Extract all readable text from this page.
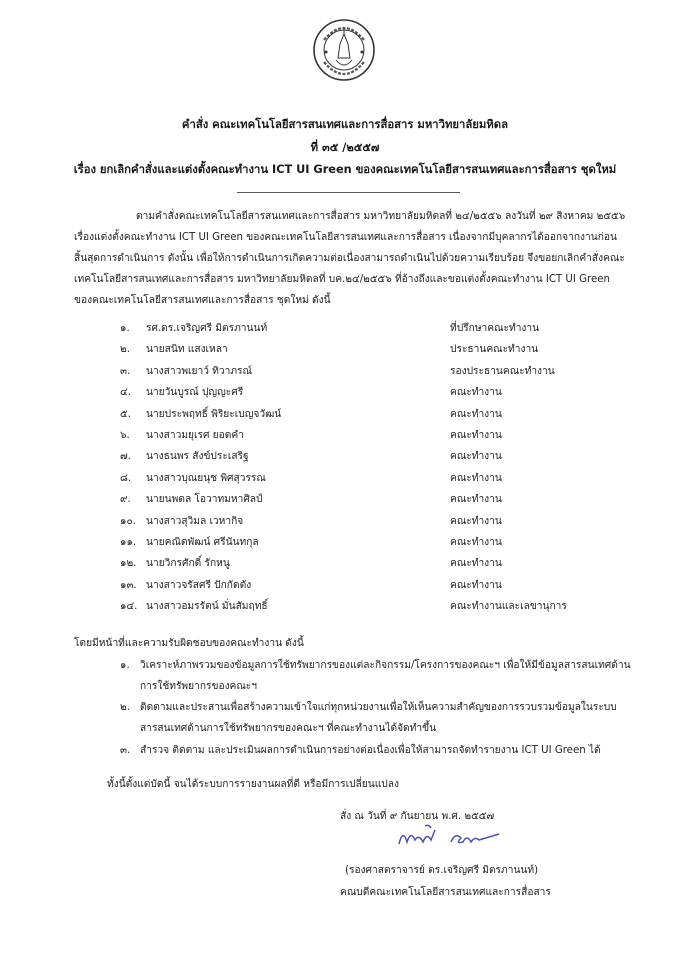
คำสั่ง คณะเทคโนโลยีสารสนเทศและการสื่อสาร มหาวิทยาลัยมหิดล
ที่ ๓๕ /๒๕๕๗
เรื่อง ยกเลิกคำสั่งและแต่งตั้งคณะทำงาน ICT UI Green ของคณะเทคโนโลยีสารสนเทศและการสื่อสาร ชุดใหม่
ตามคำสั่งคณะเทคโนโลยีสารสนเทศและการสื่อสาร มหาวิทยาลัยมหิดลที่ ๒๔/๒๕๕๖ ลงวันที่ ๒๙ สิงหาคม ๒๕๕๖
เรื่องแต่งตั้งคณะทำงาน ICT UI Green ของคณะเทคโนโลยีสารสนเทศและการสื่อสาร เนื่องจากมีบุคลากรได้ออกจากงานก่อน
สิ้นสุดการดำเนินการ ดังนั้น เพื่อให้การดำเนินการเกิดความต่อเนื่องสามารถดำเนินไปด้วยความเรียบร้อย จึงขอยกเลิกคำสั่งคณะ
เทคโนโลยีสารสนเทศและการสื่อสาร มหาวิทยาลัยมหิดลที่ บค.๒๔/๒๕๕๖ ที่อ้างถึงและขอแต่งตั้งคณะทำงาน ICT UI Green
ของคณะเทคโนโลยีสารสนเทศและการสื่อสาร ชุดใหม่ ดังนี้
๑. รศ.ดร.เจริญศรี มิตรภานนท์	ที่ปรึกษาคณะทำงาน
๒. นายสนิท แสงเหลา	ประธานคณะทำงาน
๓. นางสาวพเยาว์ ทิวาภรณ์	รองประธานคณะทำงาน
๔. นายวันบูรณ์ ปุญญะศรี	คณะทำงาน
๕. นายประพฤทธิ์ พิริยะเบญจวัฒน์	คณะทำงาน
๖. นางสาวมยุเรศ ยอดคำ	คณะทำงาน
๗. นางธนพร สังข์ประเสริฐ	คณะทำงาน
๘. นางสาวบุณยนุช พิศสุวรรณ	คณะทำงาน
๙. นายนพดล โอวาทมหาศิลป์	คณะทำงาน
๑๐. นางสาวสุวิมล เวหากิจ	คณะทำงาน
๑๑. นายคณิตพัฒน์ ศรีนันทกุล	คณะทำงาน
๑๒. นายวิกรศักดิ์ รักหนู	คณะทำงาน
๑๓. นางสาวจรัสศรี ปักกัดตัง	คณะทำงาน
๑๔. นางสาวอมรรัตน์ มั่นสัมฤทธิ์	คณะทำงานและเลขานุการ
โดยมีหน้าที่และความรับผิดชอบของคณะทำงาน ดังนี้
๑. วิเคราะห์ภาพรวมของข้อมูลการใช้ทรัพยากรของแต่ละกิจกรรม/โครงการของคณะฯ เพื่อให้มีข้อมูลสารสนเทศด้าน
การใช้ทรัพยากรของคณะฯ
๒. ติดตามและประสานเพื่อสร้างความเข้าใจแก่ทุกหน่วยงานเพื่อให้เห็นความสำคัญของการรวบรวมข้อมูลในระบบ
สารสนเทศด้านการใช้ทรัพยากรของคณะฯ ที่คณะทำงานได้จัดทำขึ้น
๓. สำรวจ ติดตาม และประเมินผลการดำเนินการอย่างต่อเนื่องเพื่อให้สามารถจัดทำรายงาน ICT UI Green ได้
ทั้งนี้ตั้งแต่บัดนี้ จนได้ระบบการรายงานผลที่ดี หรือมีการเปลี่ยนแปลง
สั่ง ณ วันที่ ๙ กันยายน พ.ศ. ๒๕๕๗
(รองศาสตราจารย์ ดร.เจริญศรี มิตรภานนท์)
คณบดีคณะเทคโนโลยีสารสนเทศและการสื่อสาร
